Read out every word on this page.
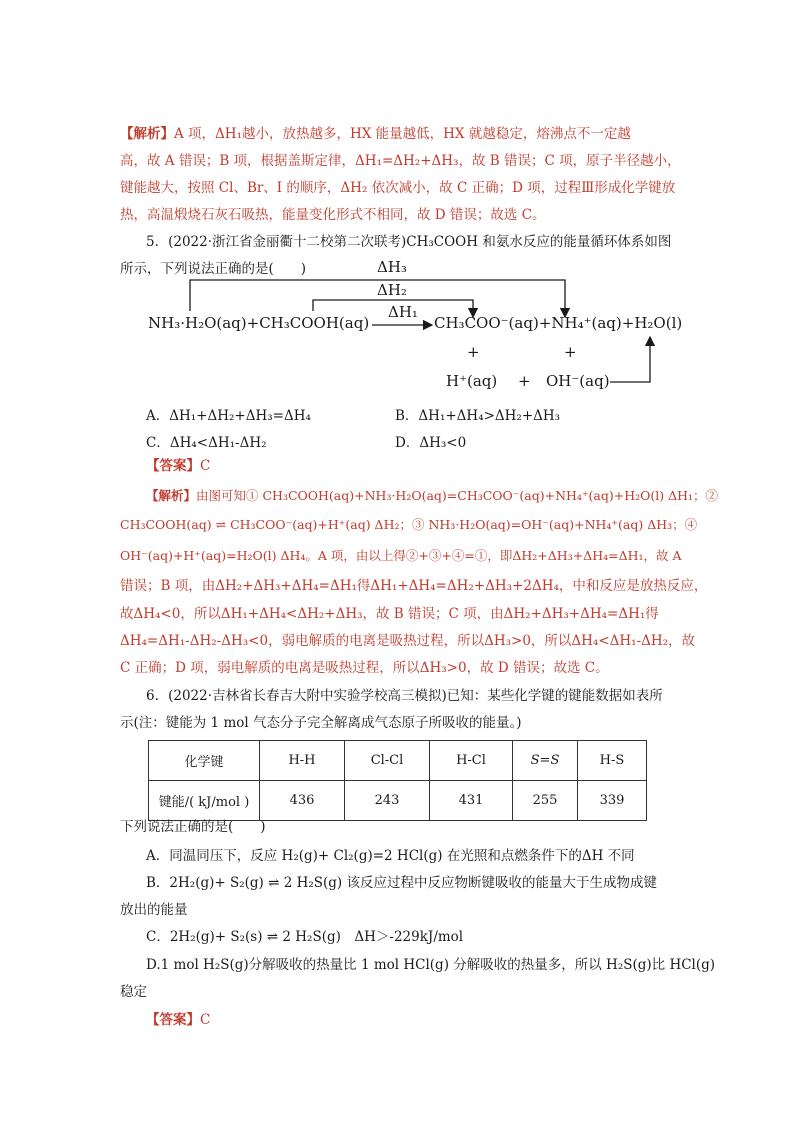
【解析】A 项，ΔH₁越小，放热越多，HX 能量越低，HX 就越稳定，熔沸点不一定越
高，故 A 错误；B 项，根据盖斯定律，ΔH₁=ΔH₂+ΔH₃，故 B 错误；C 项，原子半径越小，
键能越大，按照 Cl、Br、I 的顺序，ΔH₂ 依次减小，故 C 正确；D 项，过程Ⅲ形成化学键放
热，高温煅烧石灰石吸热，能量变化形式不相同，故 D 错误；故选 C。
5．(2022·浙江省金丽衢十二校第二次联考)CH₃COOH 和氨水反应的能量循环体系如图
所示，下列说法正确的是(　　)	ΔH₃
ΔH₂
ΔH₁
NH₃·H₂O(aq)+CH₃COOH(aq)	CH₃COO⁻(aq)+NH₄⁺(aq)+H₂O(l)
+	+
H⁺(aq) + OH⁻(aq)
A．ΔH₁+ΔH₂+ΔH₃=ΔH₄	B．ΔH₁+ΔH₄>ΔH₂+ΔH₃
C．ΔH₄<ΔH₁-ΔH₂	D．ΔH₃<0
【答案】C
【解析】由图可知① CH₃COOH(aq)+NH₃·H₂O(aq)=CH₃COO⁻(aq)+NH₄⁺(aq)+H₂O(l) ΔH₁；②
CH₃COOH(aq) ⇌ CH₃COO⁻(aq)+H⁺(aq) ΔH₂；③ NH₃·H₂O(aq)=OH⁻(aq)+NH₄⁺(aq) ΔH₃；④
OH⁻(aq)+H⁺(aq)=H₂O(l) ΔH₄。A 项，由以上得②+③+④=①，即ΔH₂+ΔH₃+ΔH₄=ΔH₁，故 A
错误；B 项，由ΔH₂+ΔH₃+ΔH₄=ΔH₁得ΔH₁+ΔH₄=ΔH₂+ΔH₃+2ΔH₄，中和反应是放热反应，
故ΔH₄<0，所以ΔH₁+ΔH₄<ΔH₂+ΔH₃，故 B 错误；C 项，由ΔH₂+ΔH₃+ΔH₄=ΔH₁得
ΔH₄=ΔH₁-ΔH₂-ΔH₃<0，弱电解质的电离是吸热过程，所以ΔH₃>0，所以ΔH₄<ΔH₁-ΔH₂，故
C 正确；D 项，弱电解质的电离是吸热过程，所以ΔH₃>0，故 D 错误；故选 C。
6．(2022·吉林省长春吉大附中实验学校高三模拟)已知：某些化学键的键能数据如表所
示(注：键能为 1 mol 气态分子完全解离成气态原子所吸收的能量。)
化学键	H-H	Cl-Cl	H-Cl	S=S	H-S
键能/( kJ/mol )	436	243	431	255	339
下列说法正确的是(　　)
A．同温同压下，反应 H₂(g)+ Cl₂(g)=2 HCl(g) 在光照和点燃条件下的ΔH 不同
B．2H₂(g)+ S₂(g) ⇌ 2 H₂S(g) 该反应过程中反应物断键吸收的能量大于生成物成键
放出的能量
C．2H₂(g)+ S₂(s) ⇌ 2 H₂S(g)　ΔH＞-229kJ/mol
D.1 mol H₂S(g)分解吸收的热量比 1 mol HCl(g) 分解吸收的热量多，所以 H₂S(g)比 HCl(g)
稳定
【答案】C
